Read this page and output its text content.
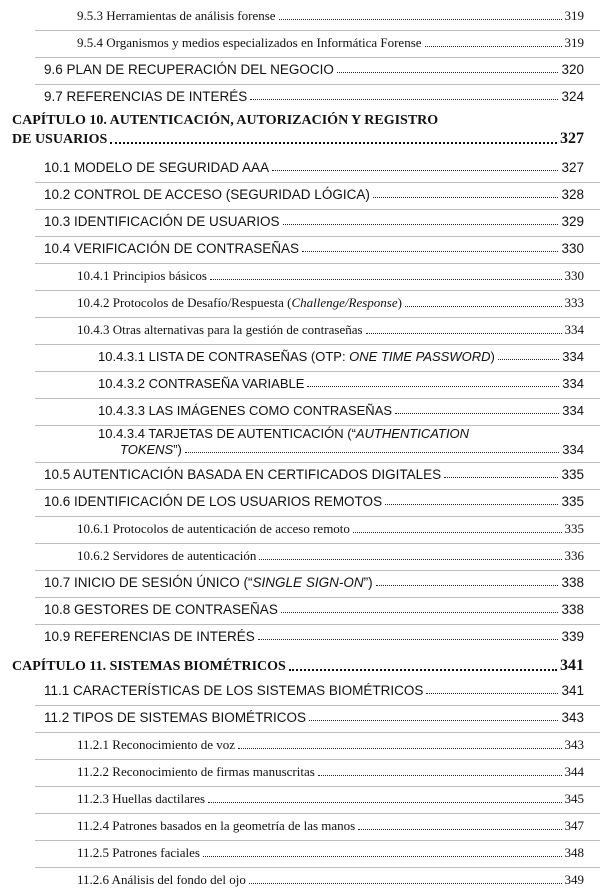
9.5.3 Herramientas de análisis forense	319
9.5.4 Organismos y medios especializados en Informática Forense	319
9.6 PLAN DE RECUPERACIÓN DEL NEGOCIO	320
9.7 REFERENCIAS DE INTERÉS	324
CAPÍTULO 10. AUTENTICACIÓN, AUTORIZACIÓN Y REGISTRO
DE USUARIOS	327
10.1 MODELO DE SEGURIDAD AAA	327
10.2 CONTROL DE ACCESO (SEGURIDAD LÓGICA)	328
10.3 IDENTIFICACIÓN DE USUARIOS	329
10.4 VERIFICACIÓN DE CONTRASEÑAS	330
10.4.1 Principios básicos	330
10.4.2 Protocolos de Desafío/Respuesta (Challenge/Response)	333
10.4.3 Otras alternativas para la gestión de contraseñas	334
10.4.3.1 LISTA DE CONTRASEÑAS (OTP: ONE TIME PASSWORD)	334
10.4.3.2 CONTRASEÑA VARIABLE	334
10.4.3.3 LAS IMÁGENES COMO CONTRASEÑAS	334
10.4.3.4 TARJETAS DE AUTENTICACIÓN (“AUTHENTICATION
TOKENS”)	334
10.5 AUTENTICACIÓN BASADA EN CERTIFICADOS DIGITALES	335
10.6 IDENTIFICACIÓN DE LOS USUARIOS REMOTOS	335
10.6.1 Protocolos de autenticación de acceso remoto	335
10.6.2 Servidores de autenticación	336
10.7 INICIO DE SESIÓN ÚNICO (“SINGLE SIGN-ON”)	338
10.8 GESTORES DE CONTRASEÑAS	338
10.9 REFERENCIAS DE INTERÉS	339
CAPÍTULO 11. SISTEMAS BIOMÉTRICOS	341
11.1 CARACTERÍSTICAS DE LOS SISTEMAS BIOMÉTRICOS	341
11.2 TIPOS DE SISTEMAS BIOMÉTRICOS	343
11.2.1 Reconocimiento de voz	343
11.2.2 Reconocimiento de firmas manuscritas	344
11.2.3 Huellas dactilares	345
11.2.4 Patrones basados en la geometría de las manos	347
11.2.5 Patrones faciales	348
11.2.6 Análisis del fondo del ojo	349
